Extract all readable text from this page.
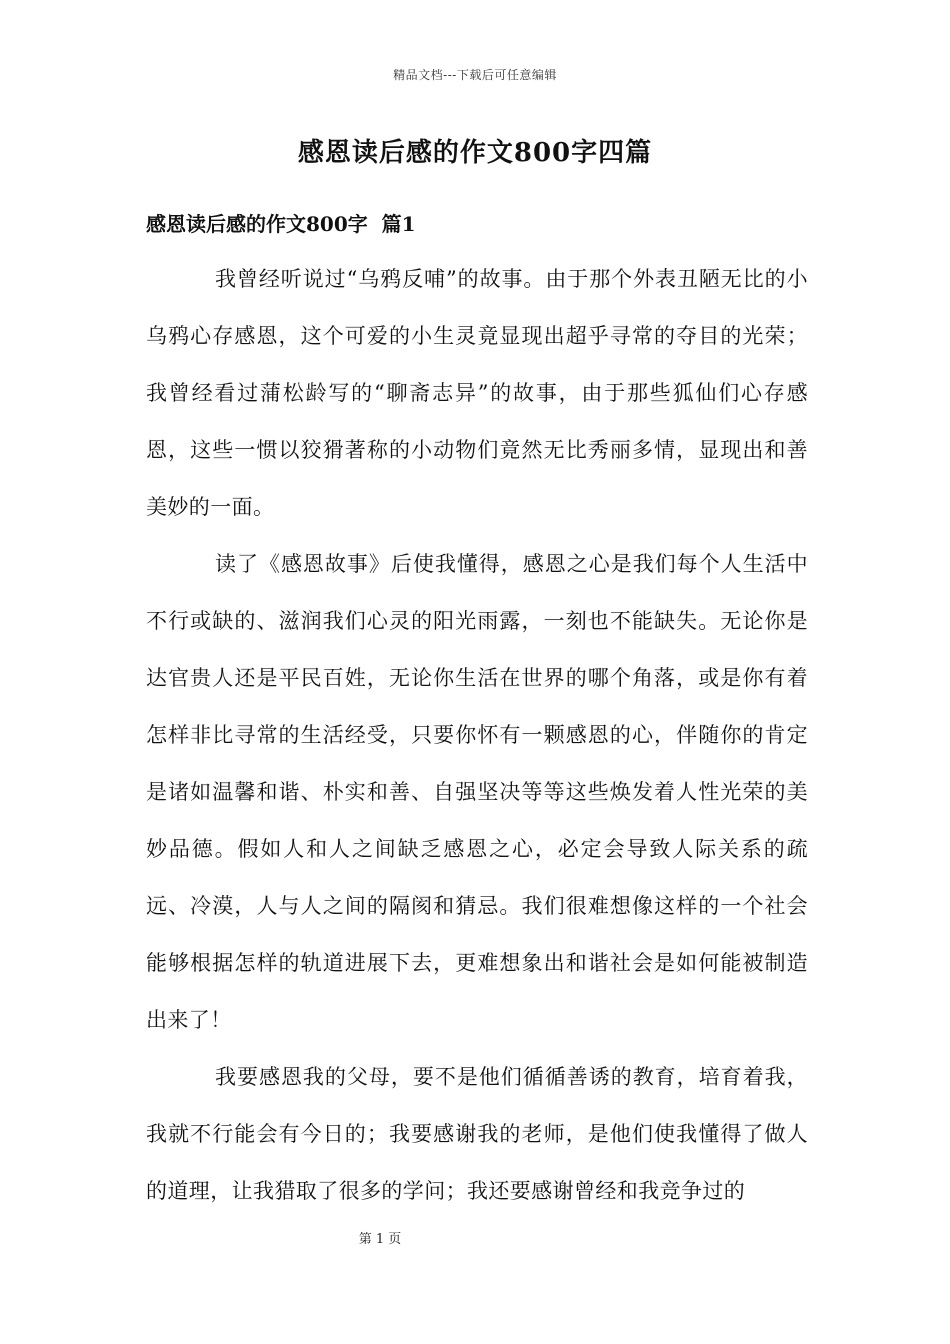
精品文档---下载后可任意编辑
感恩读后感的作文800字四篇
感恩读后感的作文800字  篇1

我曾经听说过“乌鸦反哺”的故事。由于那个外表丑陋无比的小乌鸦心存感恩，这个可爱的小生灵竟显现出超乎寻常的夺目的光荣；我曾经看过蒲松龄写的“聊斋志异”的故事，由于那些狐仙们心存感恩，这些一惯以狡猾著称的小动物们竟然无比秀丽多情，显现出和善美妙的一面。

读了《感恩故事》后使我懂得，感恩之心是我们每个人生活中不行或缺的、滋润我们心灵的阳光雨露，一刻也不能缺失。无论你是达官贵人还是平民百姓，无论你生活在世界的哪个角落，或是你有着怎样非比寻常的生活经受，只要你怀有一颗感恩的心，伴随你的肯定是诸如温馨和谐、朴实和善、自强坚决等等这些焕发着人性光荣的美妙品德。假如人和人之间缺乏感恩之心，必定会导致人际关系的疏远、冷漠，人与人之间的隔阂和猜忌。我们很难想像这样的一个社会能够根据怎样的轨道进展下去，更难想象出和谐社会是如何能被制造出来了！

我要感恩我的父母，要不是他们循循善诱的教育，培育着我，我就不行能会有今日的；我要感谢我的老师，是他们使我懂得了做人的道理，让我猎取了很多的学问；我还要感谢曾经和我竞争过的

第 1 页
